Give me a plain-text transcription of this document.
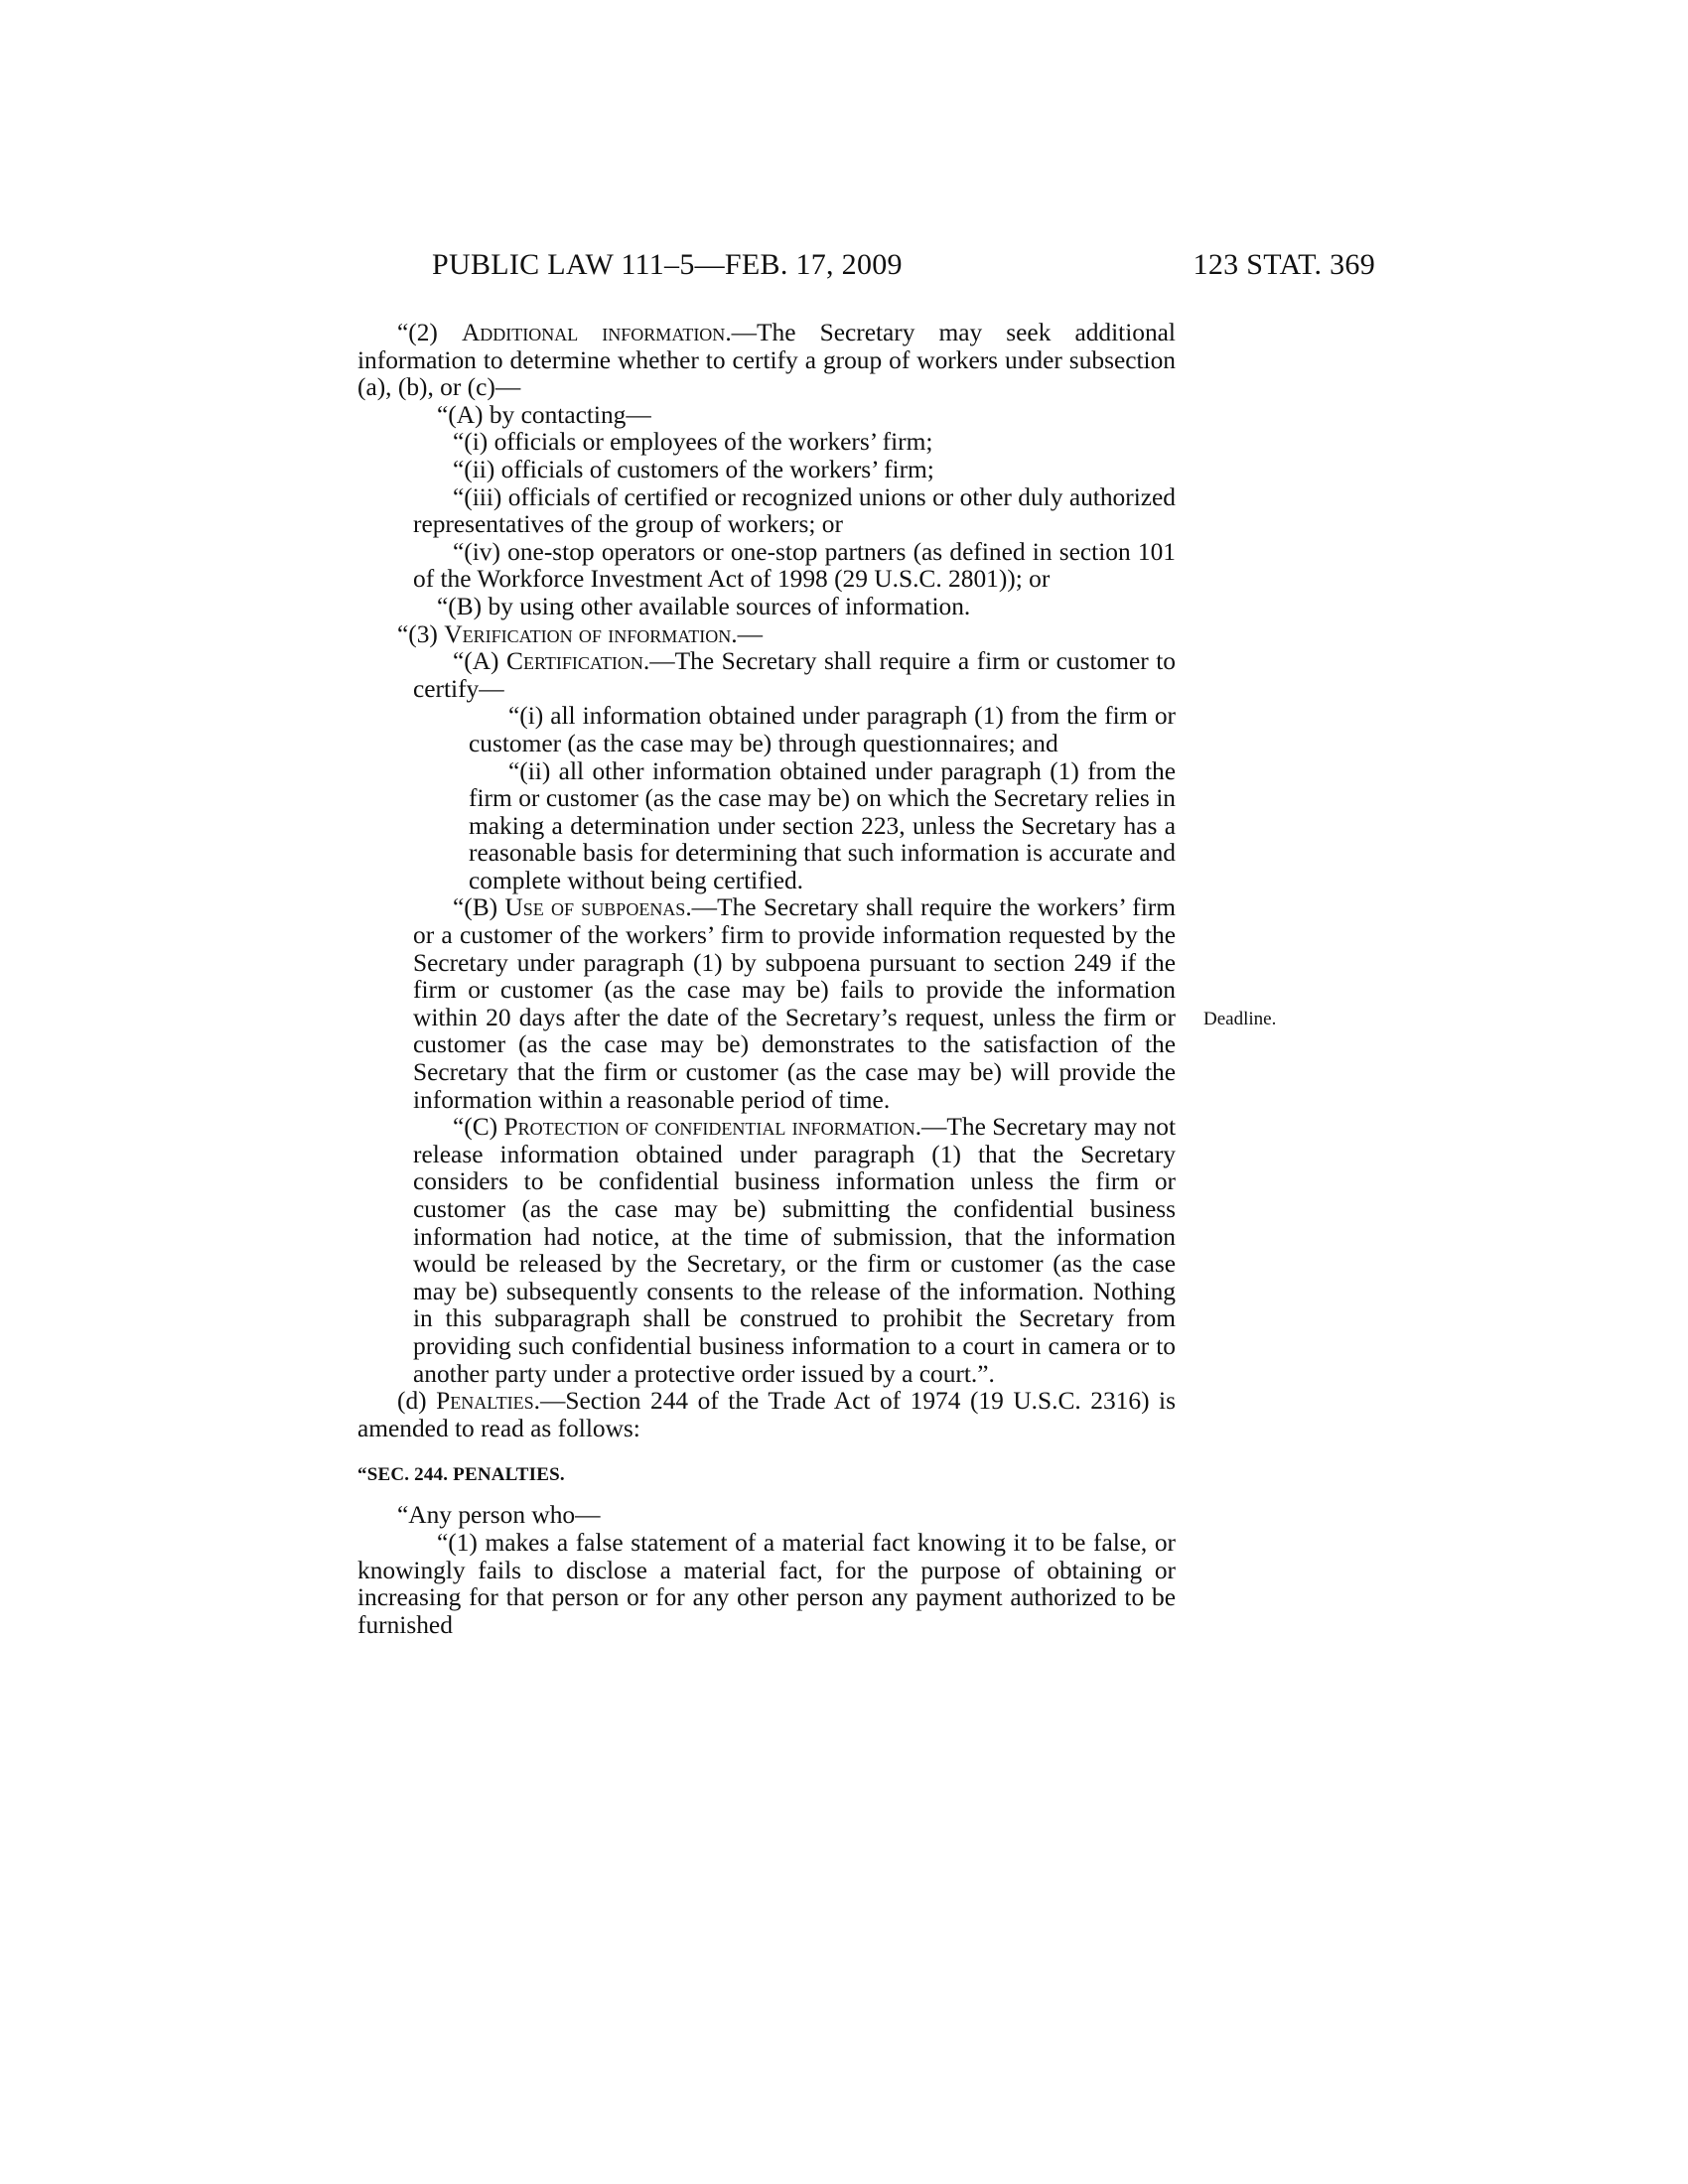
PUBLIC LAW 111–5—FEB. 17, 2009	123 STAT. 369
Deadline.

“(2) Additional information.—The Secretary may seek additional information to determine whether to certify a group of workers under subsection (a), (b), or (c)—

“(A) by contacting—

“(i) officials or employees of the workers’ firm;

“(ii) officials of customers of the workers’ firm;

“(iii) officials of certified or recognized unions or other duly authorized representatives of the group of workers; or

“(iv) one-stop operators or one-stop partners (as defined in section 101 of the Workforce Investment Act of 1998 (29 U.S.C. 2801)); or

“(B) by using other available sources of information.

“(3) Verification of information.—

“(A) Certification.—The Secretary shall require a firm or customer to certify—

“(i) all information obtained under paragraph (1) from the firm or customer (as the case may be) through questionnaires; and

“(ii) all other information obtained under paragraph (1) from the firm or customer (as the case may be) on which the Secretary relies in making a determination under section 223, unless the Secretary has a reasonable basis for determining that such information is accurate and complete without being certified.

“(B) Use of subpoenas.—The Secretary shall require the workers’ firm or a customer of the workers’ firm to provide information requested by the Secretary under paragraph (1) by subpoena pursuant to section 249 if the firm or customer (as the case may be) fails to provide the information within 20 days after the date of the Secretary’s request, unless the firm or customer (as the case may be) demonstrates to the satisfaction of the Secretary that the firm or customer (as the case may be) will provide the information within a reasonable period of time.

“(C) Protection of confidential information.—The Secretary may not release information obtained under paragraph (1) that the Secretary considers to be confidential business information unless the firm or customer (as the case may be) submitting the confidential business information had notice, at the time of submission, that the information would be released by the Secretary, or the firm or customer (as the case may be) subsequently consents to the release of the information. Nothing in this subparagraph shall be construed to prohibit the Secretary from providing such confidential business information to a court in camera or to another party under a protective order issued by a court.”.

(d) Penalties.—Section 244 of the Trade Act of 1974 (19 U.S.C. 2316) is amended to read as follows:

“SEC. 244. PENALTIES.

“Any person who—

“(1) makes a false statement of a material fact knowing it to be false, or knowingly fails to disclose a material fact, for the purpose of obtaining or increasing for that person or for any other person any payment authorized to be furnished
